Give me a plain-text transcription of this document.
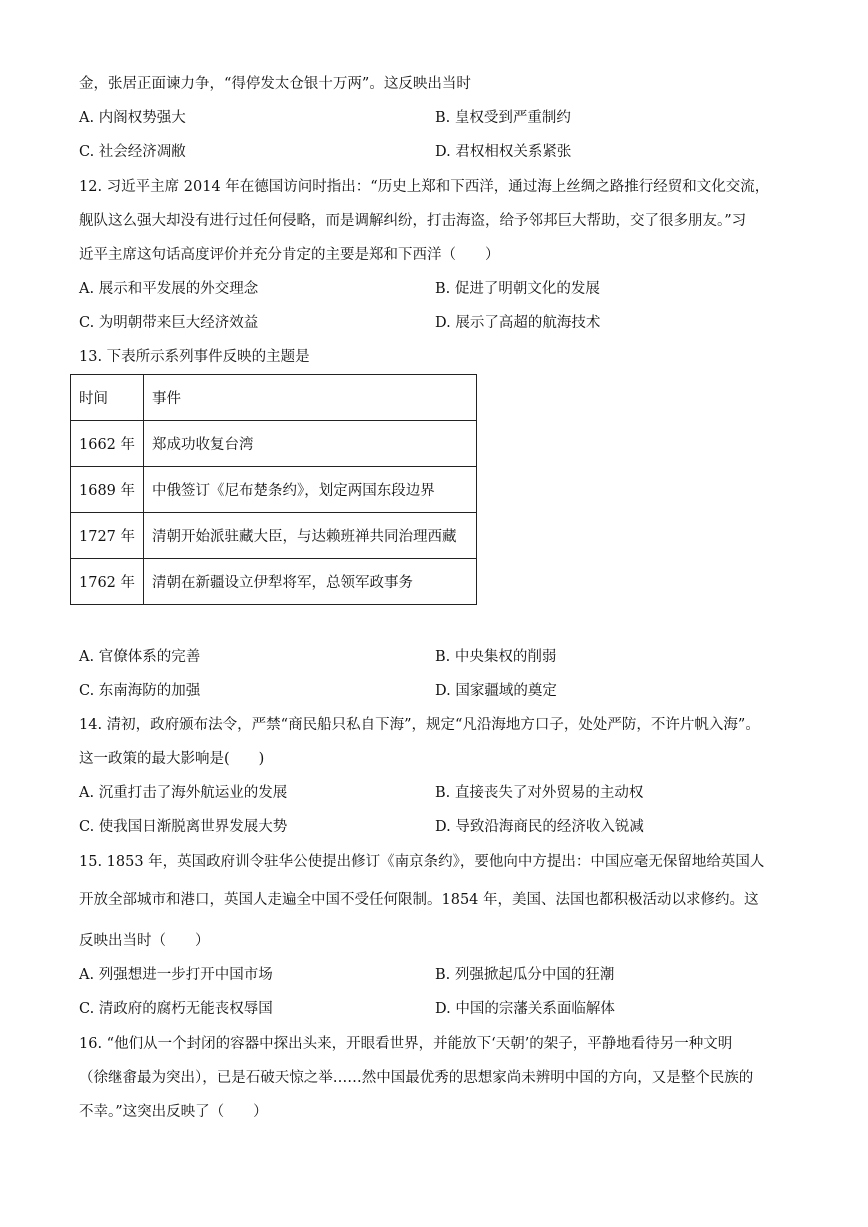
金，张居正面谏力争，“得停发太仓银十万两”。这反映出当时
A. 内阁权势强大	B. 皇权受到严重制约
C. 社会经济凋敝	D. 君权相权关系紧张
12. 习近平主席 2014 年在德国访问时指出：“历史上郑和下西洋，通过海上丝绸之路推行经贸和文化交流，
舰队这么强大却没有进行过任何侵略，而是调解纠纷，打击海盗，给予邻邦巨大帮助，交了很多朋友。”习
近平主席这句话高度评价并充分肯定的主要是郑和下西洋（　　）
A. 展示和平发展的外交理念	B. 促进了明朝文化的发展
C. 为明朝带来巨大经济效益	D. 展示了高超的航海技术
13. 下表所示系列事件反映的主题是
时间	事件
1662 年	郑成功收复台湾
1689 年	中俄签订《尼布楚条约》，划定两国东段边界
1727 年	清朝开始派驻藏大臣，与达赖班禅共同治理西藏
1762 年	清朝在新疆设立伊犁将军，总领军政事务
A. 官僚体系的完善	B. 中央集权的削弱
C. 东南海防的加强	D. 国家疆域的奠定
14. 清初，政府颁布法令，严禁“商民船只私自下海”，规定“凡沿海地方口子，处处严防，不许片帆入海”。
这一政策的最大影响是(　　)
A. 沉重打击了海外航运业的发展	B. 直接丧失了对外贸易的主动权
C. 使我国日渐脱离世界发展大势	D. 导致沿海商民的经济收入锐减
15. 1853 年，英国政府训令驻华公使提出修订《南京条约》，要他向中方提出：中国应毫无保留地给英国人
开放全部城市和港口，英国人走遍全中国不受任何限制。1854 年，美国、法国也都积极活动以求修约。这
反映出当时（　　）
A. 列强想进一步打开中国市场	B. 列强掀起瓜分中国的狂潮
C. 清政府的腐朽无能丧权辱国	D. 中国的宗藩关系面临解体
16. “他们从一个封闭的容器中探出头来，开眼看世界，并能放下‘天朝’的架子，平静地看待另一种文明
（徐继畬最为突出），已是石破天惊之举……然中国最优秀的思想家尚未辨明中国的方向，又是整个民族的
不幸。”这突出反映了（　　）
